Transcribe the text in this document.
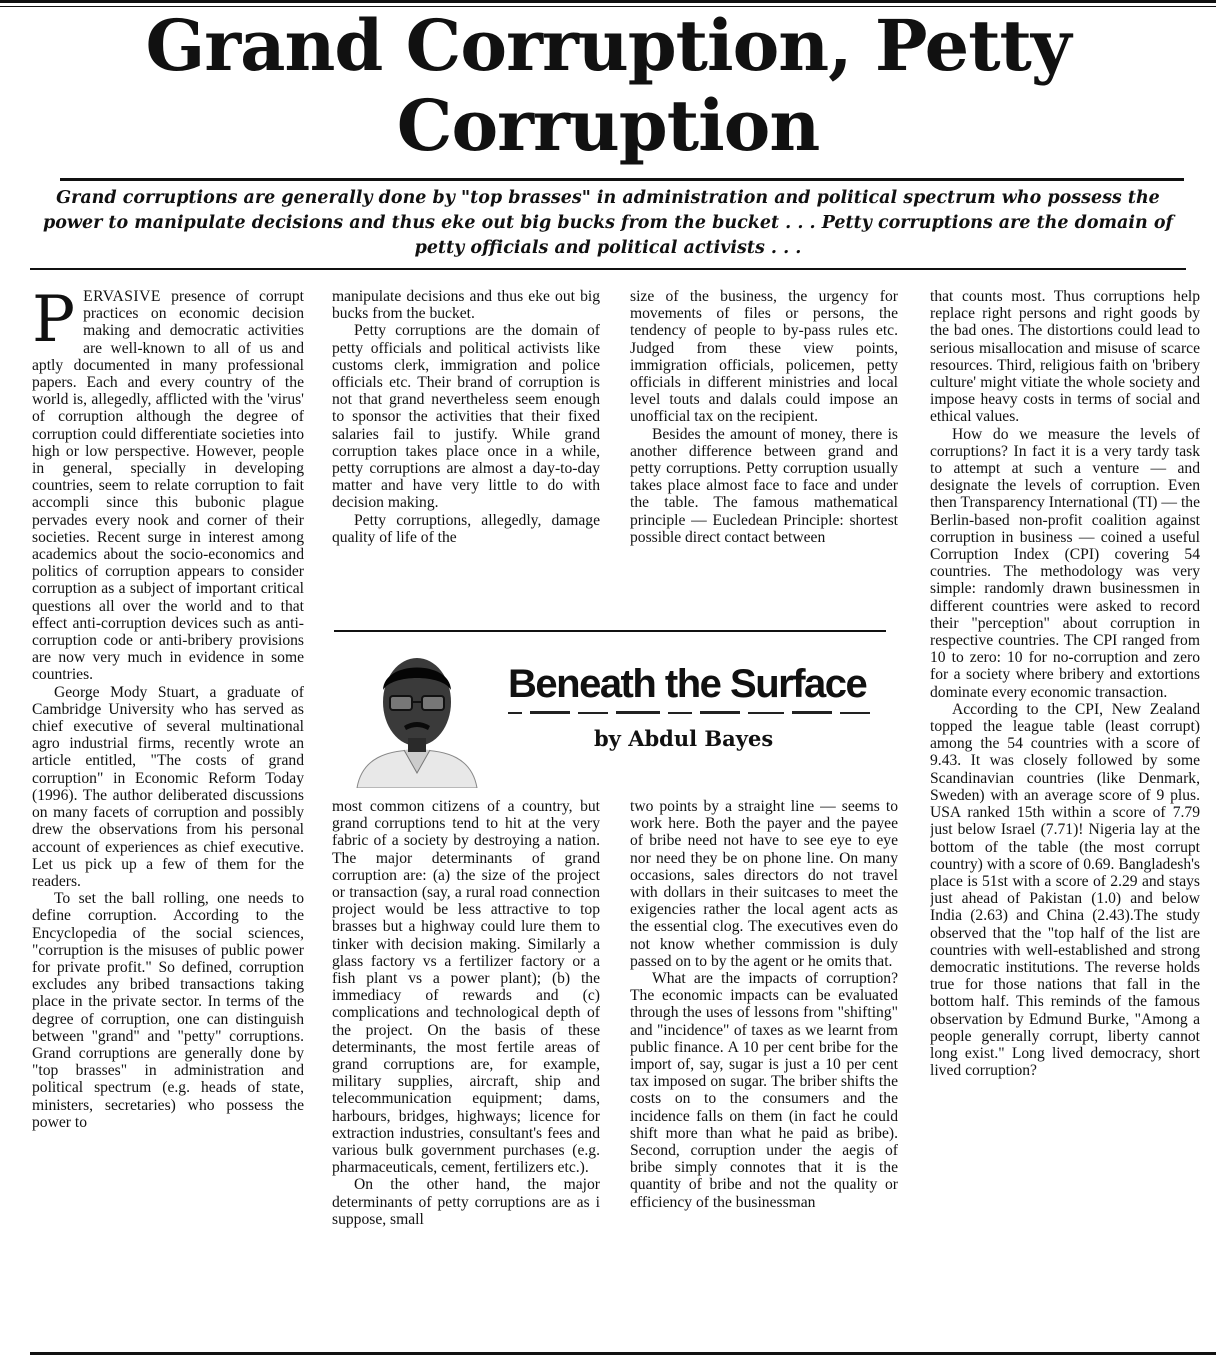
Grand Corruption, Petty
Corruption
Grand corruptions are generally done by "top brasses" in administration and political spectrum who possess the power to manipulate decisions and thus eke out big bucks from the bucket . . . Petty corruptions are the domain of petty officials and political activists . . .

PERVASIVE presence of corrupt practices on economic decision making and democratic activities are well-known to all of us and aptly documented in many professional papers. Each and every country of the world is, allegedly, afflicted with the 'virus' of corruption although the degree of corruption could differentiate societies into high or low perspective. However, people in general, specially in developing countries, seem to relate corruption to fait accompli since this bubonic plague pervades every nook and corner of their societies. Recent surge in interest among academics about the socio-economics and politics of corruption appears to consider corruption as a subject of important critical questions all over the world and to that effect anti-corruption devices such as anti-corruption code or anti-bribery provisions are now very much in evidence in some countries.

George Mody Stuart, a graduate of Cambridge University who has served as chief executive of several multinational agro industrial firms, recently wrote an article entitled, "The costs of grand corruption" in Economic Reform Today (1996). The author deliberated discussions on many facets of corruption and possibly drew the observations from his personal account of experiences as chief executive. Let us pick up a few of them for the readers.

To set the ball rolling, one needs to define corruption. According to the Encyclopedia of the social sciences, "corruption is the misuses of public power for private profit." So defined, corruption excludes any bribed transactions taking place in the private sector. In terms of the degree of corruption, one can distinguish between "grand" and "petty" corruptions. Grand corruptions are generally done by "top brasses" in administration and political spectrum (e.g. heads of state, ministers, secretaries) who possess the power to

manipulate decisions and thus eke out big bucks from the bucket.

Petty corruptions are the domain of petty officials and political activists like customs clerk, immigration and police officials etc. Their brand of corruption is not that grand nevertheless seem enough to sponsor the activities that their fixed salaries fail to justify. While grand corruption takes place once in a while, petty corruptions are almost a day-to-day matter and have very little to do with decision making.

Petty corruptions, allegedly, damage quality of life of the

size of the business, the urgency for movements of files or persons, the tendency of people to by-pass rules etc. Judged from these view points, immigration officials, policemen, petty officials in different ministries and local level touts and dalals could impose an unofficial tax on the recipient.

Besides the amount of money, there is another difference between grand and petty corruptions. Petty corruption usually takes place almost face to face and under the table. The famous mathematical principle — Eucledean Principle: shortest possible direct contact between

Beneath the Surface
by Abdul Bayes

most common citizens of a country, but grand corruptions tend to hit at the very fabric of a society by destroying a nation. The major determinants of grand corruption are: (a) the size of the project or transaction (say, a rural road connection project would be less attractive to top brasses but a highway could lure them to tinker with decision making. Similarly a glass factory vs a fertilizer factory or a fish plant vs a power plant); (b) the immediacy of rewards and (c) complications and technological depth of the project. On the basis of these determinants, the most fertile areas of grand corruptions are, for example, military supplies, aircraft, ship and telecommunication equipment; dams, harbours, bridges, highways; licence for extraction industries, consultant's fees and various bulk government purchases (e.g. pharmaceuticals, cement, fertilizers etc.).

On the other hand, the major determinants of petty corruptions are as i suppose, small

two points by a straight line — seems to work here. Both the payer and the payee of bribe need not have to see eye to eye nor need they be on phone line. On many occasions, sales directors do not travel with dollars in their suitcases to meet the exigencies rather the local agent acts as the essential clog. The executives even do not know whether commission is duly passed on to by the agent or he omits that.

What are the impacts of corruption? The economic impacts can be evaluated through the uses of lessons from "shifting" and "incidence" of taxes as we learnt from public finance. A 10 per cent bribe for the import of, say, sugar is just a 10 per cent tax imposed on sugar. The briber shifts the costs on to the consumers and the incidence falls on them (in fact he could shift more than what he paid as bribe). Second, corruption under the aegis of bribe simply connotes that it is the quantity of bribe and not the quality or efficiency of the businessman

that counts most. Thus corruptions help replace right persons and right goods by the bad ones. The distortions could lead to serious misallocation and misuse of scarce resources. Third, religious faith on 'bribery culture' might vitiate the whole society and impose heavy costs in terms of social and ethical values.

How do we measure the levels of corruptions? In fact it is a very tardy task to attempt at such a venture — and designate the levels of corruption. Even then Transparency International (TI) — the Berlin-based non-profit coalition against corruption in business — coined a useful Corruption Index (CPI) covering 54 countries. The methodology was very simple: randomly drawn businessmen in different countries were asked to record their "perception" about corruption in respective countries. The CPI ranged from 10 to zero: 10 for no-corruption and zero for a society where bribery and extortions dominate every economic transaction.

According to the CPI, New Zealand topped the league table (least corrupt) among the 54 countries with a score of 9.43. It was closely followed by some Scandinavian countries (like Denmark, Sweden) with an average score of 9 plus. USA ranked 15th within a score of 7.79 just below Israel (7.71)! Nigeria lay at the bottom of the table (the most corrupt country) with a score of 0.69. Bangladesh's place is 51st with a score of 2.29 and stays just ahead of Pakistan (1.0) and below India (2.63) and China (2.43).The study observed that the "top half of the list are countries with well-established and strong democratic institutions. The reverse holds true for those nations that fall in the bottom half. This reminds of the famous observation by Edmund Burke, "Among a people generally corrupt, liberty cannot long exist." Long lived democracy, short lived corruption?
